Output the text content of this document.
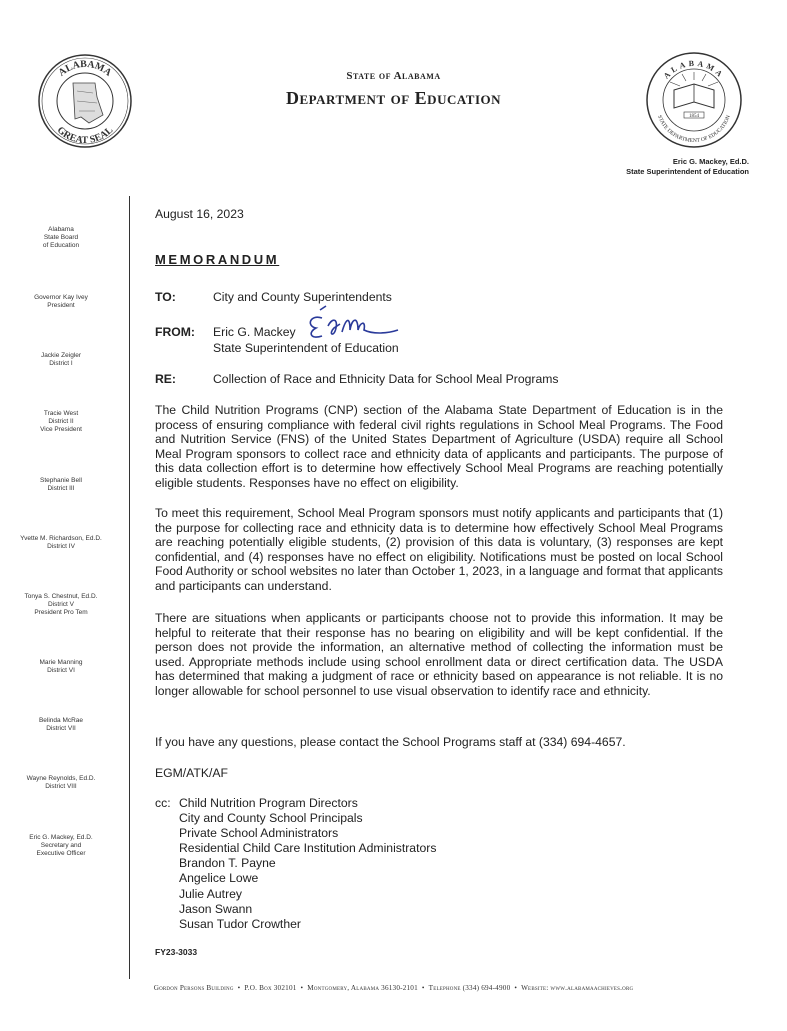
ALABAMA
GREAT SEAL
1854
ALABAMA
STATE DEPARTMENT OF EDUCATION
State of Alabama
Department of Education
Eric G. Mackey, Ed.D.
State Superintendent of Education
Alabama
State Board
of Education
Governor Kay Ivey
President
Jackie Zeigler
District I
Tracie West
District II
Vice President
Stephanie Bell
District III
Yvette M. Richardson, Ed.D.
District IV
Tonya S. Chestnut, Ed.D.
District V
President Pro Tem
Marie Manning
District VI
Belinda McRae
District VII
Wayne Reynolds, Ed.D.
District VIII
Eric G. Mackey, Ed.D.
Secretary and
Executive Officer
August 16, 2023
MEMORANDUM
TO:	City and County Superintendents
FROM: Eric G. Mackey
State Superintendent of Education
RE:	Collection of Race and Ethnicity Data for School Meal Programs
The Child Nutrition Programs (CNP) section of the Alabama State Department of Education is in the process of ensuring compliance with federal civil rights regulations in School Meal Programs. The Food and Nutrition Service (FNS) of the United States Department of Agriculture (USDA) require all School Meal Program sponsors to collect race and ethnicity data of applicants and participants. The purpose of this data collection effort is to determine how effectively School Meal Programs are reaching potentially eligible students. Responses have no effect on eligibility.
To meet this requirement, School Meal Program sponsors must notify applicants and participants that (1) the purpose for collecting race and ethnicity data is to determine how effectively School Meal Programs are reaching potentially eligible students, (2) provision of this data is voluntary, (3) responses are kept confidential, and (4) responses have no effect on eligibility. Notifications must be posted on local School Food Authority or school websites no later than October 1, 2023, in a language and format that applicants and participants can understand.
There are situations when applicants or participants choose not to provide this information. It may be helpful to reiterate that their response has no bearing on eligibility and will be kept confidential. If the person does not provide the information, an alternative method of collecting the information must be used. Appropriate methods include using school enrollment data or direct certification data. The USDA has determined that making a judgment of race or ethnicity based on appearance is not reliable. It is no longer allowable for school personnel to use visual observation to identify race and ethnicity.
If you have any questions, please contact the School Programs staff at (334) 694-4657.
EGM/ATK/AF
cc: Child Nutrition Program Directors
City and County School Principals
Private School Administrators
Residential Child Care Institution Administrators
Brandon T. Payne
Angelice Lowe
Julie Autrey
Jason Swann
Susan Tudor Crowther
FY23-3033
Gordon Persons Building  •  P.O. Box 302101  •  Montgomery, Alabama 36130-2101  •  Telephone (334) 694-4900  •  Website: www.alabamaachieves.org
